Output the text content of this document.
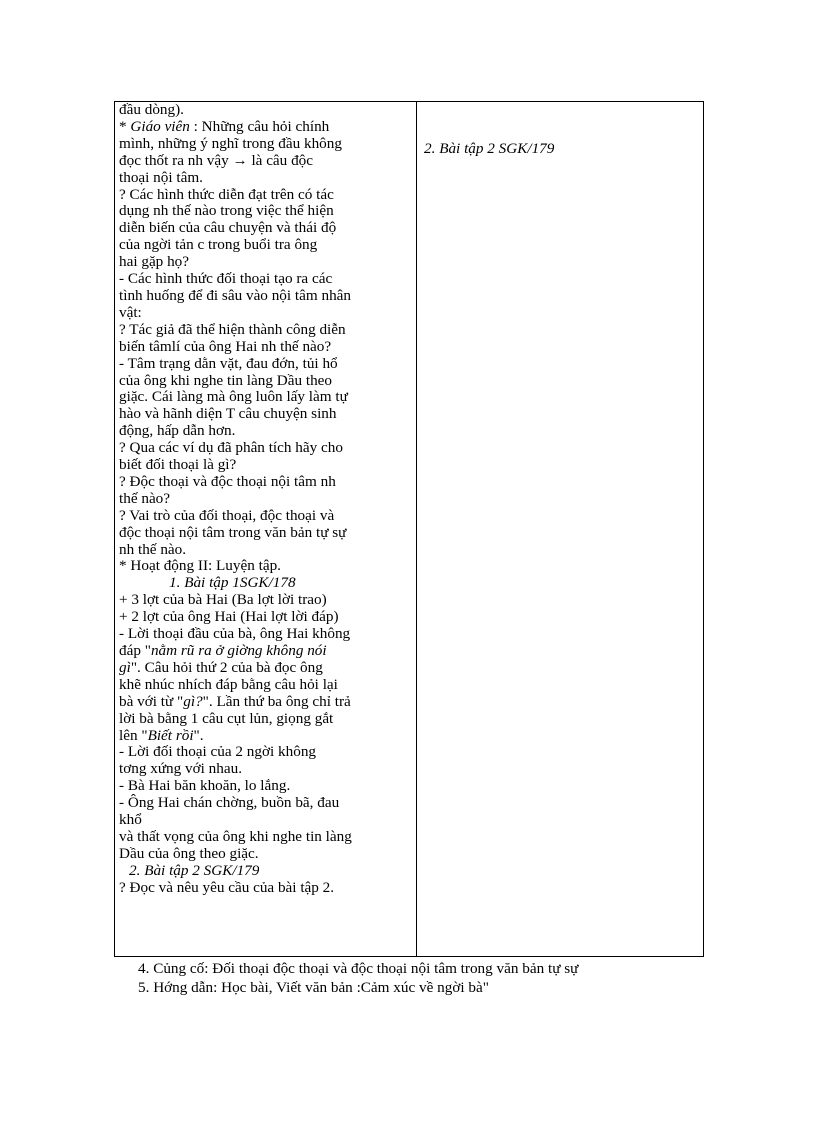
đầu dòng).
* Giáo viên : Những câu hỏi chính
mình, những ý nghĩ trong đầu không
đọc thốt ra nh vậy → là câu độc
thoại nội tâm.
? Các hình thức diễn đạt trên có tác
dụng nh thế nào trong việc thể hiện
diễn biến của câu chuyện và thái độ
của ngời tản c trong buổi tra ông
hai gặp họ?
- Các hình thức đối thoại tạo ra các
tình huống để đi sâu vào nội tâm nhân
vật:
? Tác giả đã thể hiện thành công diễn
biến tâmlí của ông Hai nh thế nào?
- Tâm trạng dằn vặt, đau đớn, tủi hổ
của ông khi nghe tin làng Dầu theo
giặc. Cái làng mà ông luôn lấy làm tự
hào và hãnh diện T câu chuyện sinh
động, hấp dẫn hơn.
? Qua các ví dụ đã phân tích hãy cho
biết đối thoại là gì?
? Độc thoại và độc thoại nội tâm nh
thế nào?
? Vai trò của đối thoại, độc thoại và
độc thoại nội tâm trong văn bản tự sự
nh thế nào.
* Hoạt động II: Luyện tập.
1. Bài tập 1SGK/178
+ 3 lợt của bà Hai (Ba lợt lời trao)
+ 2 lợt của ông Hai (Hai lợt lời đáp)
- Lời thoại đầu của bà, ông Hai không
đáp "nằm rũ ra ở giờng không nói
gì". Câu hỏi thứ 2 của bà đọc ông
khẽ nhúc nhích đáp bằng câu hỏi lại
bà với từ "gì?". Lần thứ ba ông chỉ trả
lời bà bằng 1 câu cụt lủn, giọng gắt
lên "Biết rồi".
- Lời đối thoại của 2 ngời không
tơng xứng với nhau.
- Bà Hai băn khoăn, lo lắng.
- Ông Hai chán chờng, buồn bã, đau
khổ
và thất vọng của ông khi nghe tin làng
Dầu của ông theo giặc.
2. Bài tập 2 SGK/179
? Đọc và nêu yêu cầu của bài tập 2.

2. Bài tập 2 SGK/179
4. Củng cố: Đối thoại độc thoại và độc thoại nội tâm trong văn bản tự sự
5. Hớng dẫn: Học bài, Viết văn bản :Cảm xúc về ngời bà"
